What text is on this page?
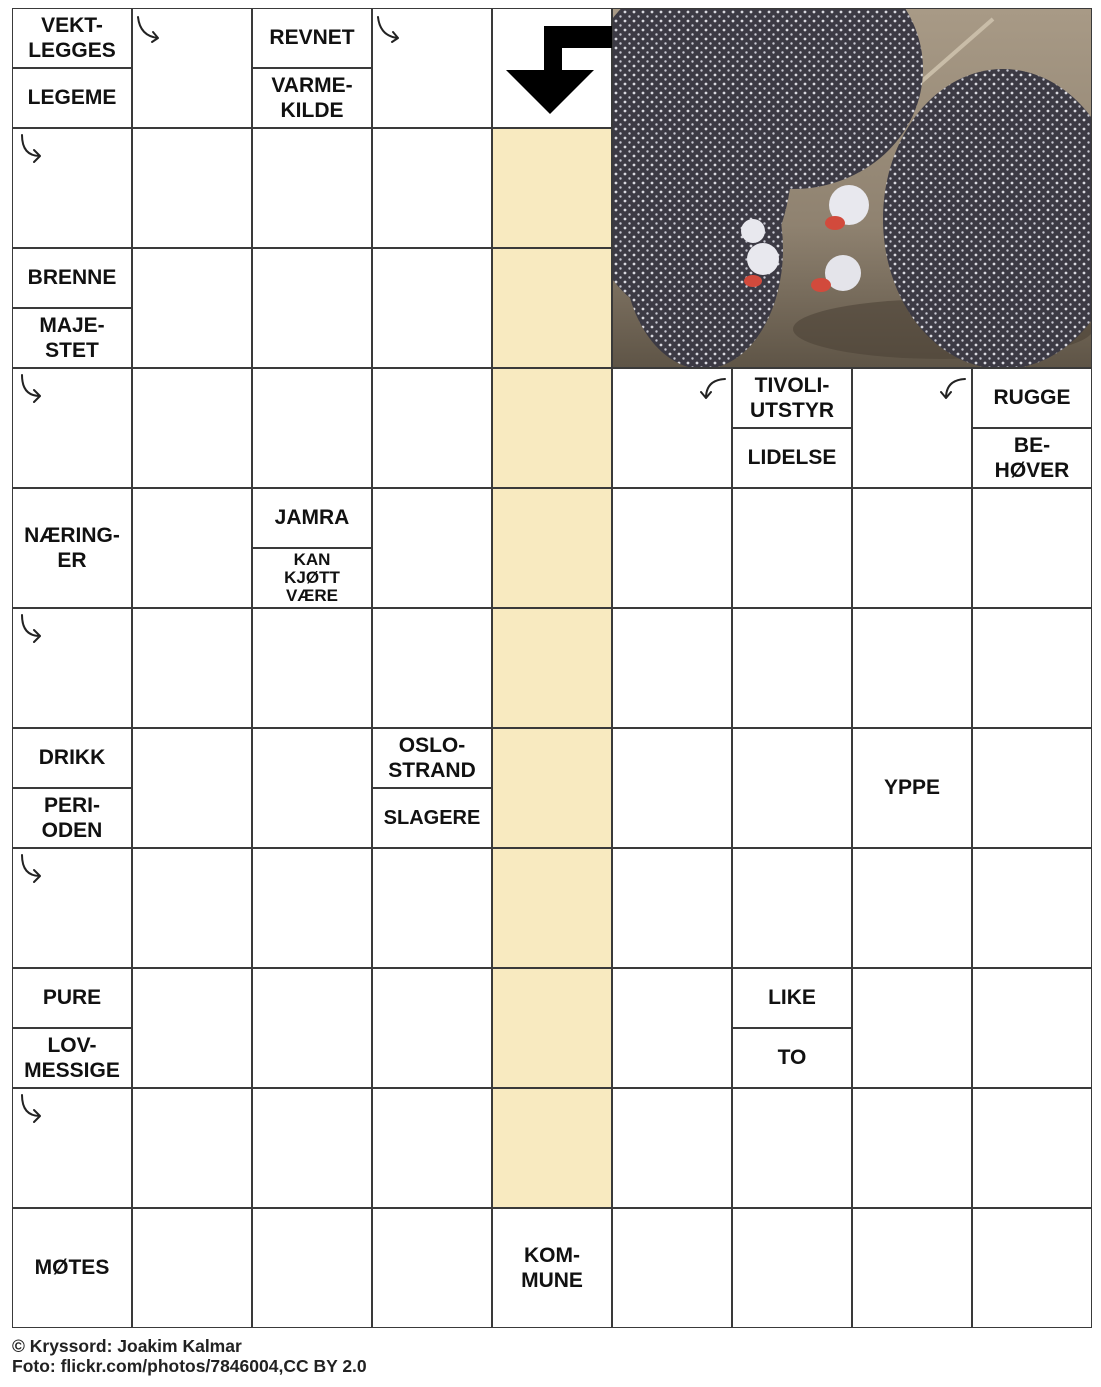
VEKT-
LEGGES
LEGEME
REVNET
VARME-
KILDE
BRENNE
MAJE-
STET
TIVOLI-
UTSTYR
LIDELSE
RUGGE
BE-
HØVER
NÆRING-
ER
JAMRA
KAN
KJØTT
VÆRE
DRIKK
PERI-
ODEN
OSLO-
STRAND
SLAGERE
YPPE
PURE
LOV-
MESSIGE
LIKE
TO
MØTES
KOM-
MUNE
© Kryssord: Joakim Kalmar
Foto: flickr.com/photos/7846004,CC BY 2.0
